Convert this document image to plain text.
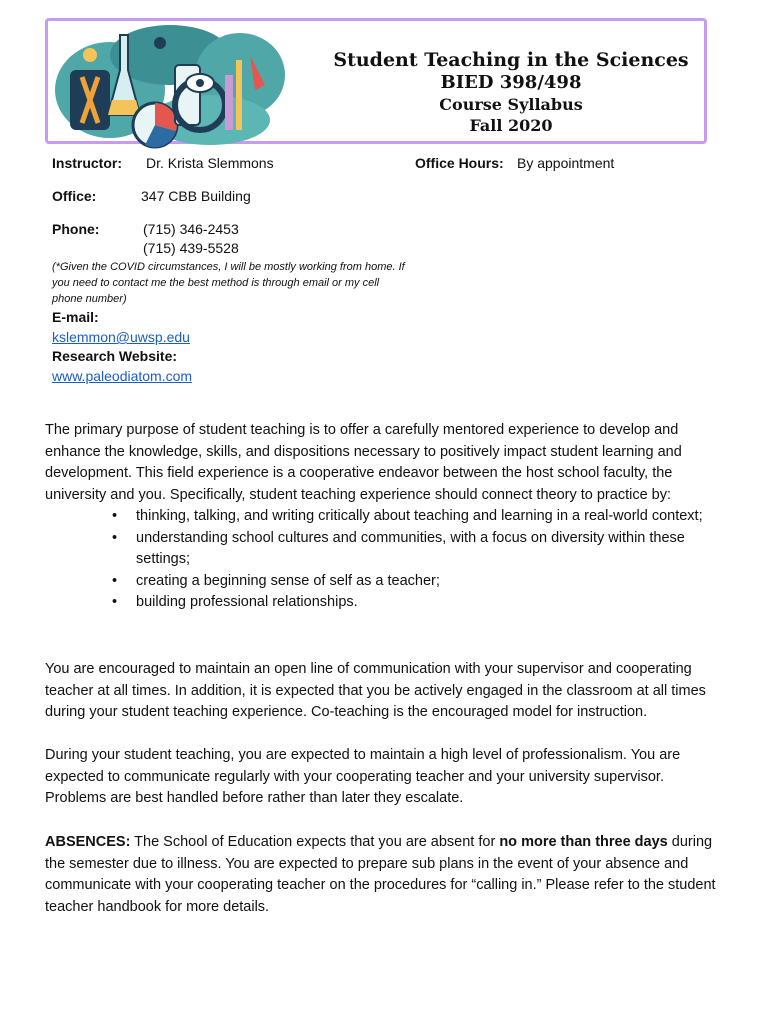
Student Teaching in the Sciences
BIED 398/498
Course Syllabus
Fall 2020
Instructor: Dr. Krista Slemmons	Office Hours: By appointment
Office:	347 CBB Building
Phone:	(715) 346-2453
(715) 439-5528
(*Given the COVID circumstances, I will be mostly working from home. If you need to contact me the best method is through email or my cell phone number)
E-mail:
kslemmon@uwsp.edu
Research Website:
www.paleodiatom.com

The primary purpose of student teaching is to offer a carefully mentored experience to develop and enhance the knowledge, skills, and dispositions necessary to positively impact student learning and development. This field experience is a cooperative endeavor between the host school faculty, the university and you. Specifically, student teaching experience should connect theory to practice by:

• thinking, talking, and writing critically about teaching and learning in a real-world context;
• understanding school cultures and communities, with a focus on diversity within these settings;
• creating a beginning sense of self as a teacher;
• building professional relationships.

You are encouraged to maintain an open line of communication with your supervisor and cooperating teacher at all times. In addition, it is expected that you be actively engaged in the classroom at all times during your student teaching experience. Co-teaching is the encouraged model for instruction.

During your student teaching, you are expected to maintain a high level of professionalism. You are expected to communicate regularly with your cooperating teacher and your university supervisor. Problems are best handled before rather than later they escalate.

ABSENCES: The School of Education expects that you are absent for no more than three days during the semester due to illness. You are expected to prepare sub plans in the event of your absence and communicate with your cooperating teacher on the procedures for “calling in.” Please refer to the student teacher handbook for more details.
